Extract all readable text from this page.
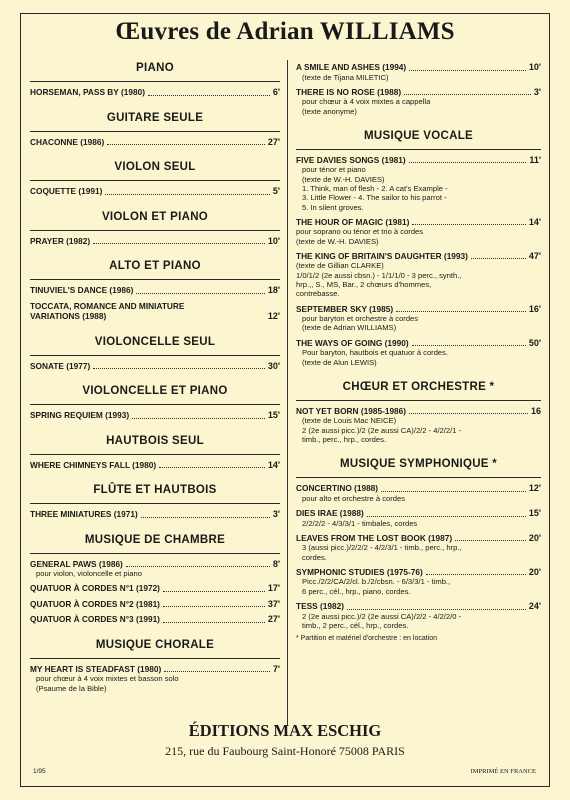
Œuvres de Adrian WILLIAMS
PIANO
HORSEMAN, PASS BY (1980)	6'
GUITARE SEULE
CHACONNE (1986)	27'
VIOLON SEUL
COQUETTE (1991)	5'
VIOLON ET PIANO
PRAYER (1982)	10'
ALTO ET PIANO
TINUVIEL'S DANCE (1986)	18'
TOCCATA, ROMANCE AND MINIATURE
VARIATIONS (1988)	12'
VIOLONCELLE SEUL
SONATE (1977)	30'
VIOLONCELLE ET PIANO
SPRING REQUIEM (1993)	15'
HAUTBOIS SEUL
WHERE CHIMNEYS FALL (1980)	14'
FLÛTE ET HAUTBOIS
THREE MINIATURES (1971)	3'
MUSIQUE DE CHAMBRE
GENERAL PAWS (1986)	8'
pour violon, violoncelle et piano
QUATUOR À CORDES N°1 (1972)	17'
QUATUOR À CORDES N°2 (1981)	37'
QUATUOR À CORDES N°3 (1991)	27'
MUSIQUE CHORALE
MY HEART IS STEADFAST (1980)	7'
pour chœur à 4 voix mixtes et basson solo
(Psaume de la Bible)
A SMILE AND ASHES (1994)	10'
(texte de Tijana MILETIC)
THERE IS NO ROSE (1988)	3'
pour chœur à 4 voix mixtes a cappella
(texte anonyme)
MUSIQUE VOCALE
FIVE DAVIES SONGS (1981)	11'
pour ténor et piano
(texte de W.-H. DAVIES)
1. Think, man of flesh - 2. A cat's Example -
3. Little Flower - 4. The sailor to his parrot -
5. In silent groves.
THE HOUR OF MAGIC (1981)	14'
pour soprano ou ténor et trio à cordes
(texte de W.-H. DAVIES)
THE KING OF BRITAIN'S DAUGHTER (1993)	47'
(texte de Gillian CLARKE)
1/0/1/2 (2e aussi cbsn.) - 1/1/1/0 - 3 perc., synth.,
hrp.,, S., MS, Bar., 2 chœurs d'hommes,
contrebasse.
SEPTEMBER SKY (1985)	16'
pour baryton et orchestre à cordes
(texte de Adrian WILLIAMS)
THE WAYS OF GOING (1990)	50'
Pour baryton, hautbois et quatuor à cordes.
(texte de Alun LEWIS)
CHŒUR ET ORCHESTRE *
NOT YET BORN (1985-1986)	16
(texte de Louis Mac NEICE)
2 (2e aussi picc.)/2 (2e aussi CA)/2/2 - 4/2/2/1 -
timb., perc., hrp., cordes.
MUSIQUE SYMPHONIQUE *
CONCERTINO (1988)	12'
pour alto et orchestre à cordes
DIES IRAE (1988)	15'
2/2/2/2 - 4/3/3/1 - timbales, cordes
LEAVES FROM THE LOST BOOK (1987)	20'
3 (aussi picc.)/2/2/2 - 4/2/3/1 - timb., perc., hrp.,
cordes.
SYMPHONIC STUDIES (1975-76)	20'
Picc./2/2/CA/2/cl. b./2/cbsn. - 6/3/3/1 - timb.,
6 perc., cél., hrp., piano, cordes.
TESS (1982)	24'
2 (2e aussi picc.)/2 (2e aussi CA)/2/2 - 4/2/2/0 -
timb., 2 perc., cél., hrp., cordes.
* Partition et matériel d'orchestre : en location
ÉDITIONS MAX ESCHIG
215, rue du Faubourg Saint-Honoré 75008 PARIS
1/95	IMPRIMÉ EN FRANCE
